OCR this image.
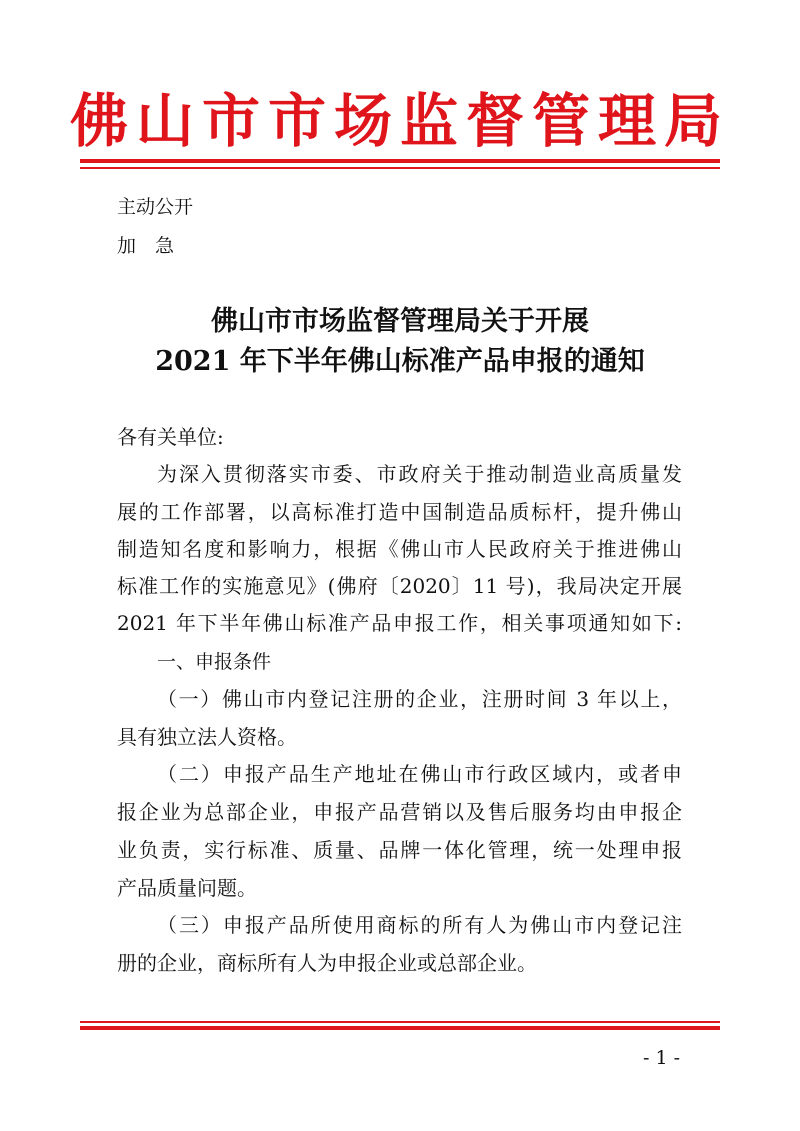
佛山市市场监督管理局
主动公开
加　急
佛山市市场监督管理局关于开展
2021 年下半年佛山标准产品申报的通知
各有关单位:
为深入贯彻落实市委、市政府关于推动制造业高质量发
展的工作部署，以高标准打造中国制造品质标杆，提升佛山
制造知名度和影响力，根据《佛山市人民政府关于推进佛山
标准工作的实施意见》(佛府〔2020〕11 号)，我局决定开展
2021 年下半年佛山标准产品申报工作，相关事项通知如下:
一、申报条件
（一）佛山市内登记注册的企业，注册时间 3 年以上，
具有独立法人资格。
（二）申报产品生产地址在佛山市行政区域内，或者申
报企业为总部企业，申报产品营销以及售后服务均由申报企
业负责，实行标准、质量、品牌一体化管理，统一处理申报
产品质量问题。
（三）申报产品所使用商标的所有人为佛山市内登记注
册的企业，商标所有人为申报企业或总部企业。
- 1 -
